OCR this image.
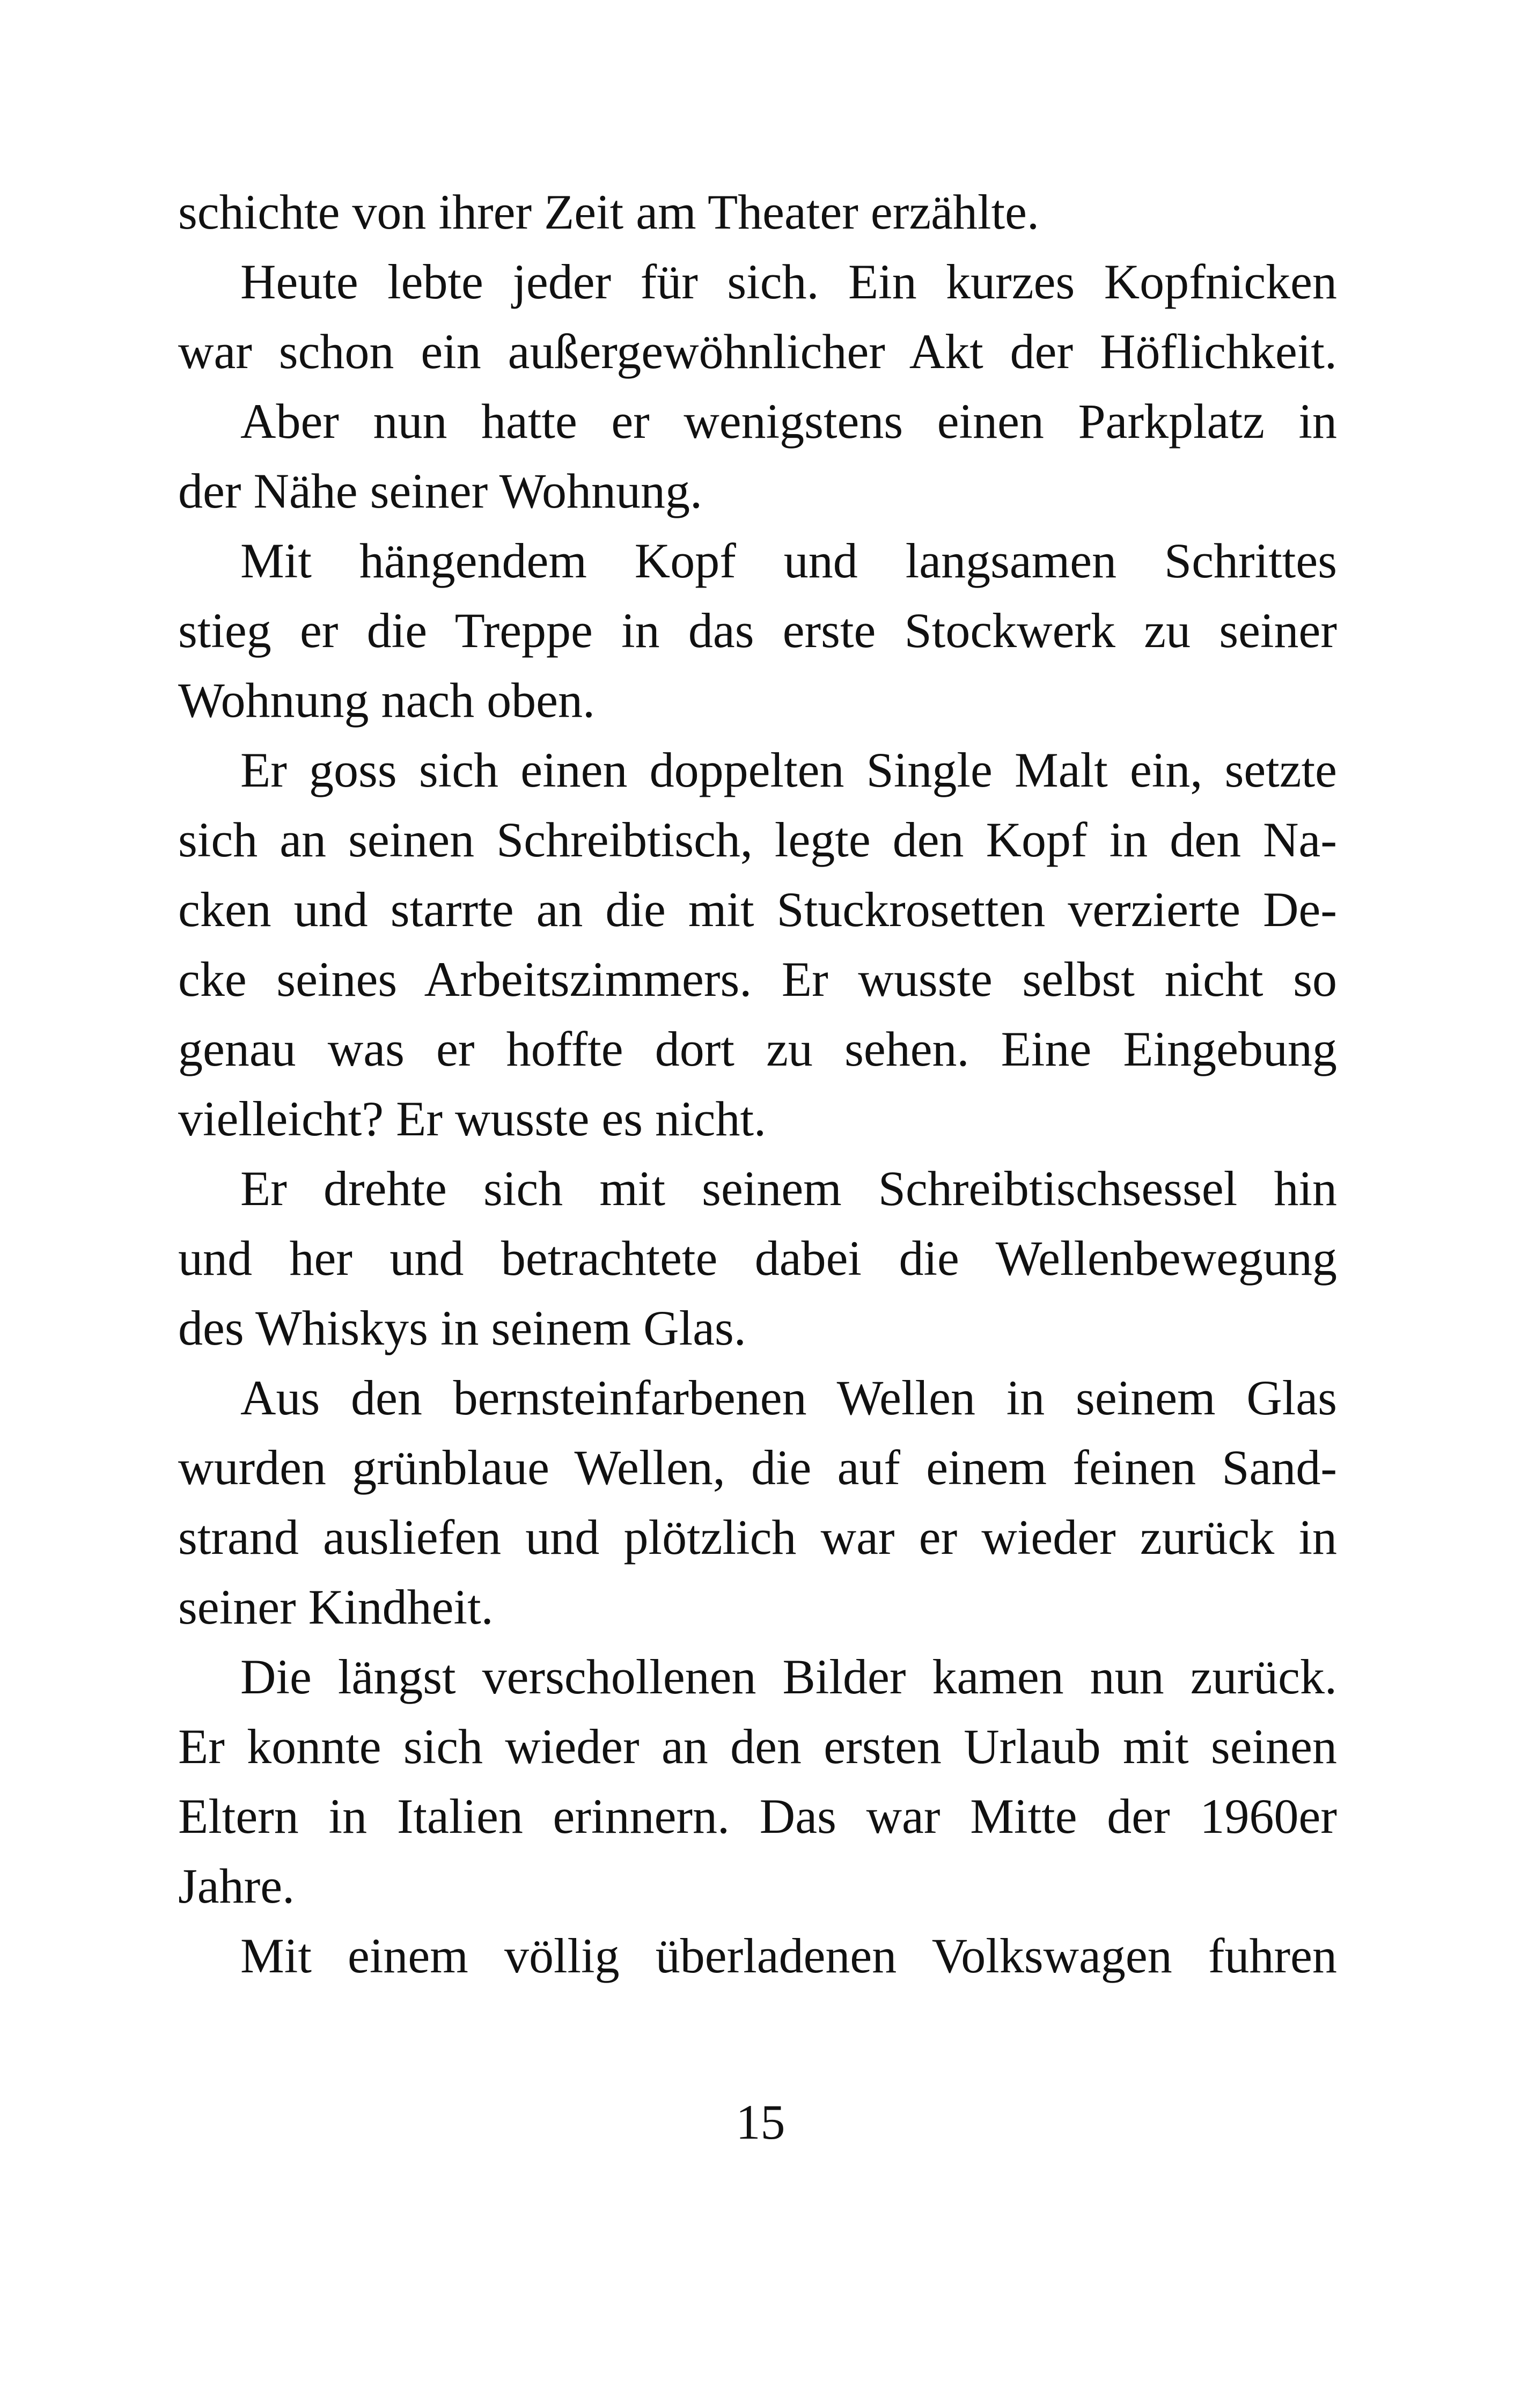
schichte von ihrer Zeit am Theater erzählte.
Heute lebte jeder für sich. Ein kurzes Kopfnicken
war schon ein außergewöhnlicher Akt der Höflichkeit.
Aber nun hatte er wenigstens einen Parkplatz in
der Nähe seiner Wohnung.
Mit hängendem Kopf und langsamen Schrittes
stieg er die Treppe in das erste Stockwerk zu seiner
Wohnung nach oben.
Er goss sich einen doppelten Single Malt ein, setzte
sich an seinen Schreibtisch, legte den Kopf in den Na-
cken und starrte an die mit Stuckrosetten verzierte De-
cke seines Arbeitszimmers. Er wusste selbst nicht so
genau was er hoffte dort zu sehen. Eine Eingebung
vielleicht? Er wusste es nicht.
Er drehte sich mit seinem Schreibtischsessel hin
und her und betrachtete dabei die Wellenbewegung
des Whiskys in seinem Glas.
Aus den bernsteinfarbenen Wellen in seinem Glas
wurden grünblaue Wellen, die auf einem feinen Sand-
strand ausliefen und plötzlich war er wieder zurück in
seiner Kindheit.
Die längst verschollenen Bilder kamen nun zurück.
Er konnte sich wieder an den ersten Urlaub mit seinen
Eltern in Italien erinnern. Das war Mitte der 1960er
Jahre.
Mit einem völlig überladenen Volkswagen fuhren
15
